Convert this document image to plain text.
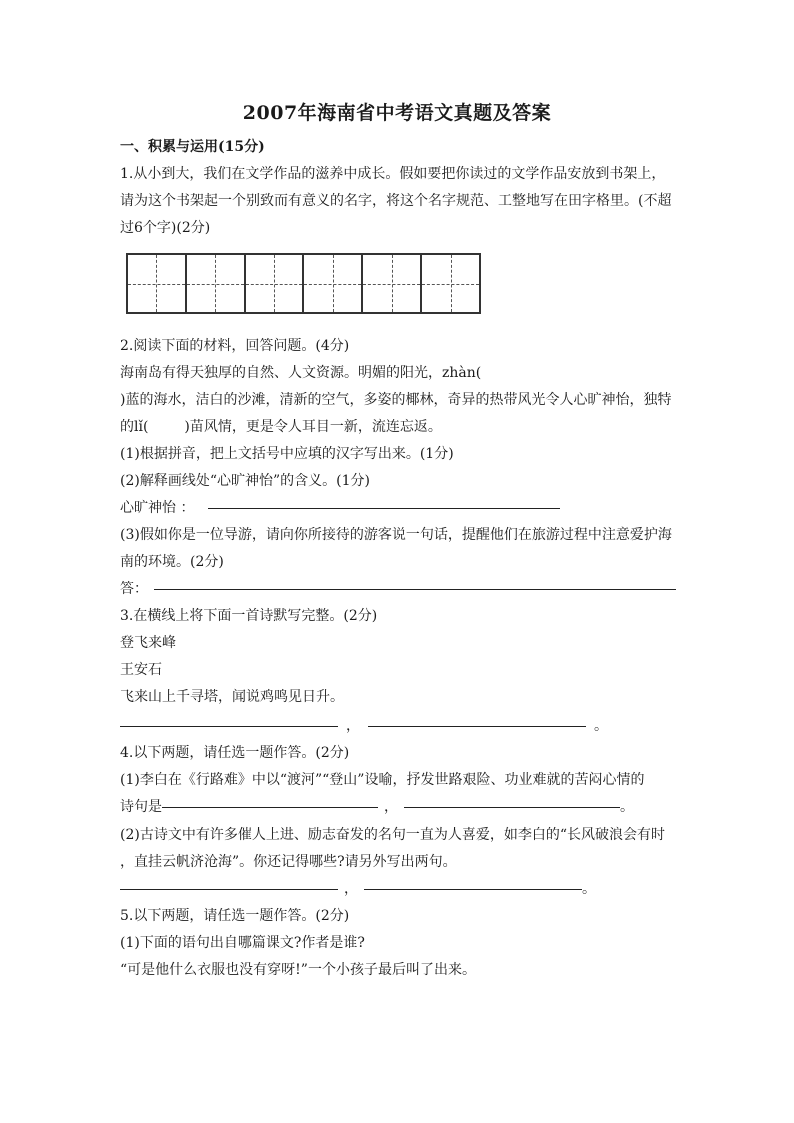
2007年海南省中考语文真题及答案
一、积累与运用(15分)
1.从小到大，我们在文学作品的滋养中成长。假如要把你读过的文学作品安放到书架上，
请为这个书架起一个别致而有意义的名字，将这个名字规范、工整地写在田字格里。(不超
过6个字)(2分)
2.阅读下面的材料，回答问题。(4分)
海南岛有得天独厚的自然、人文资源。明媚的阳光，zhàn(
)蓝的海水，洁白的沙滩，清新的空气，多姿的椰林，奇异的热带风光令人心旷神怡，独特
的lǐ(	)苗风情，更是令人耳目一新，流连忘返。
(1)根据拼音，把上文括号中应填的汉字写出来。(1分)
(2)解释画线处“心旷神怡”的含义。(1分)
心旷神怡 ：
(3)假如你是一位导游，请向你所接待的游客说一句话，提醒他们在旅游过程中注意爱护海
南的环境。(2分)
答：
3.在横线上将下面一首诗默写完整。(2分)
登飞来峰
王安石
飞来山上千寻塔，闻说鸡鸣见日升。
，	。
4.以下两题，请任选一题作答。(2分)
(1)李白在《行路难》中以“渡河”“登山”设喻，抒发世路艰险、功业难就的苦闷心情的
诗句是	，	。
(2)古诗文中有许多催人上进、励志奋发的名句一直为人喜爱，如李白的“长风破浪会有时
，直挂云帆济沧海”。你还记得哪些?请另外写出两句。
，	。
5.以下两题，请任选一题作答。(2分)
(1)下面的语句出自哪篇课文?作者是谁?
“可是他什么衣服也没有穿呀!”一个小孩子最后叫了出来。
